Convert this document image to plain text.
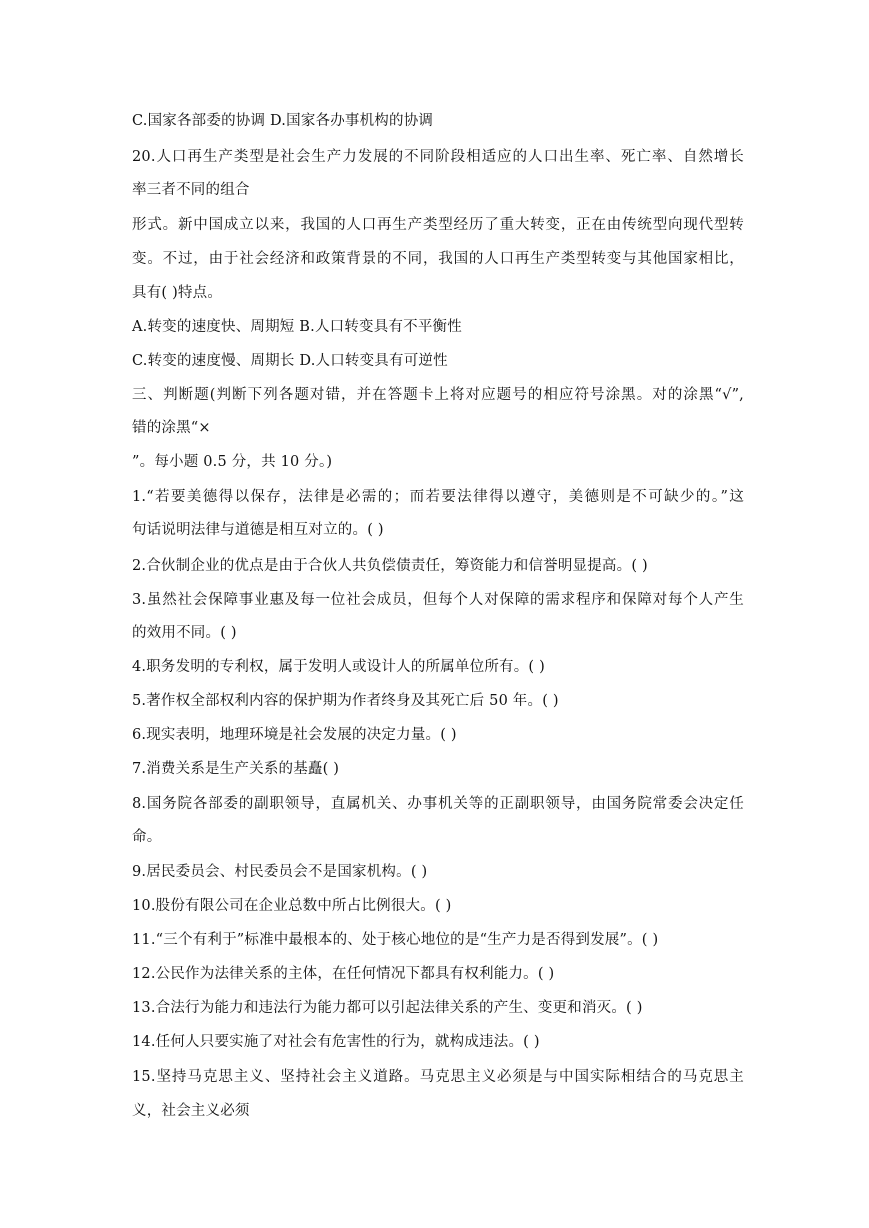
C.国家各部委的协调 D.国家各办事机构的协调
20.人口再生产类型是社会生产力发展的不同阶段相适应的人口出生率、死亡率、自然增长
率三者不同的组合
形式。新中国成立以来，我国的人口再生产类型经历了重大转变，正在由传统型向现代型转
变。不过，由于社会经济和政策背景的不同，我国的人口再生产类型转变与其他国家相比，
具有( )特点。
A.转变的速度快、周期短 B.人口转变具有不平衡性
C.转变的速度慢、周期长 D.人口转变具有可逆性
三、判断题(判断下列各题对错，并在答题卡上将对应题号的相应符号涂黑。对的涂黑“√”,
错的涂黑“×
”。每小题 0.5 分，共 10 分。)
1.“若要美德得以保存，法律是必需的；而若要法律得以遵守，美德则是不可缺少的。”这
句话说明法律与道德是相互对立的。( )
2.合伙制企业的优点是由于合伙人共负偿债责任，筹资能力和信誉明显提高。( )
3.虽然社会保障事业惠及每一位社会成员，但每个人对保障的需求程序和保障对每个人产生
的效用不同。( )
4.职务发明的专利权，属于发明人或设计人的所属单位所有。( )
5.著作权全部权利内容的保护期为作者终身及其死亡后 50 年。( )
6.现实表明，地理环境是社会发展的决定力量。( )
7.消费关系是生产关系的基矗( )
8.国务院各部委的副职领导，直属机关、办事机关等的正副职领导，由国务院常委会决定任
命。
9.居民委员会、村民委员会不是国家机构。( )
10.股份有限公司在企业总数中所占比例很大。( )
11.“三个有利于”标准中最根本的、处于核心地位的是“生产力是否得到发展”。( )
12.公民作为法律关系的主体，在任何情况下都具有权利能力。( )
13.合法行为能力和违法行为能力都可以引起法律关系的产生、变更和消灭。( )
14.任何人只要实施了对社会有危害性的行为，就构成违法。( )
15.坚持马克思主义、坚持社会主义道路。马克思主义必须是与中国实际相结合的马克思主
义，社会主义必须
